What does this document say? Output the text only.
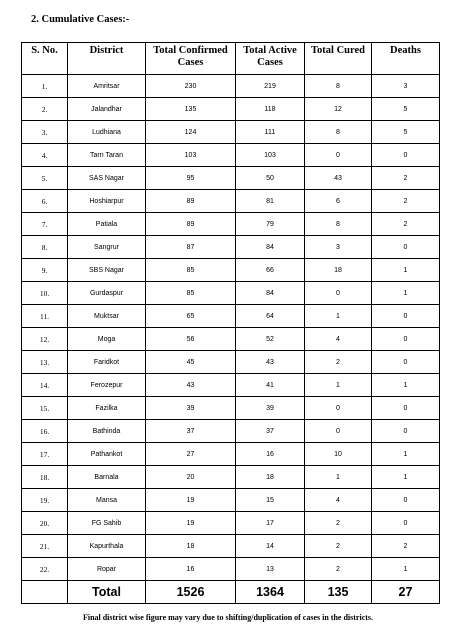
2. Cumulative Cases:-
S. No.	District	Total Confirmed Cases	Total Active Cases	Total Cured	Deaths
1.	Amritsar	230	219	8	3
2.	Jalandhar	135	118	12	5
3.	Ludhiana	124	111	8	5
4.	Tarn Taran	103	103	0	0
5.	SAS Nagar	95	50	43	2
6.	Hoshiarpur	89	81	6	2
7.	Patiala	89	79	8	2
8.	Sangrur	87	84	3	0
9.	SBS Nagar	85	66	18	1
10.	Gurdaspur	85	84	0	1
11.	Muktsar	65	64	1	0
12.	Moga	56	52	4	0
13.	Faridkot	45	43	2	0
14.	Ferozepur	43	41	1	1
15.	Fazilka	39	39	0	0
16.	Bathinda	37	37	0	0
17.	Pathankot	27	16	10	1
18.	Barnala	20	18	1	1
19.	Mansa	19	15	4	0
20.	FG Sahib	19	17	2	0
21.	Kapurthala	18	14	2	2
22.	Ropar	16	13	2	1
	Total	1526	1364	135	27

Final district wise figure may vary due to shifting/duplication of cases in the districts.
